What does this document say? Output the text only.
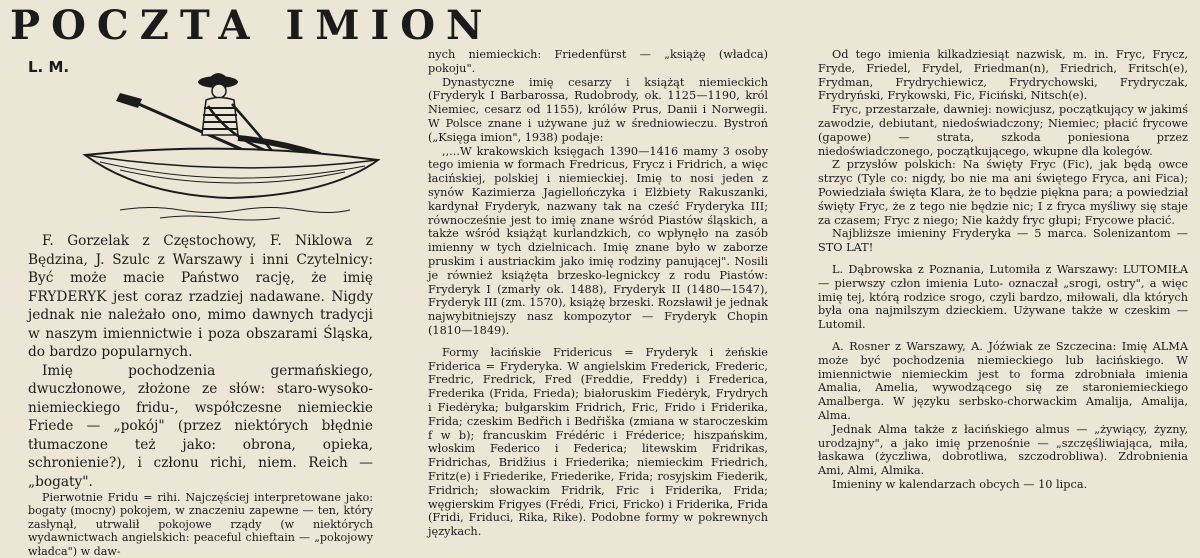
POCZTA IMION
L. M.

F. Gorzelak z Częstochowy, F. Niklowa z Będzina, J. Szulc z Warszawy i inni Czytelnicy: Być może macie Państwo rację, że imię FRYDERYK jest coraz rzadziej nadawane. Nigdy jednak nie należało ono, mimo dawnych tradycji w naszym imiennictwie i poza obszarami Śląska, do bardzo popularnych.

Imię pochodzenia germańskiego, dwuczłonowe, złożone ze słów: staro-wysoko-niemieckiego fridu-, współczesne niemieckie Friede — „pokój" (przez niektórych błędnie tłumaczone też jako: obrona, opieka, schronienie?), i członu richi, niem. Reich — „bogaty".

Pierwotnie Fridu = rihi. Najczęściej interpretowane jako: bogaty (mocny) pokojem, w znaczeniu zapewne — ten, który zasłynął, utrwalił pokojowe rządy (w niektórych wydawnictwach angielskich: peaceful chieftain — „pokojowy władca") w daw-

nych niemieckich: Friedenfürst — „książę (władca) pokoju".

Dynastyczne imię cesarzy i książąt niemieckich (Fryderyk I Barbarossa, Rudobrody, ok. 1125—1190, król Niemiec, cesarz od 1155), królów Prus, Danii i Norwegii. W Polsce znane i używane już w średniowieczu. Bystroń („Księga imion", 1938) podaje:

,,...W krakowskich księgach 1390—1416 mamy 3 osoby tego imienia w formach Fredricus, Frycz i Fridrich, a więc łacińskiej, polskiej i niemieckiej. Imię to nosi jeden z synów Kazimierza Jagiellończyka i Elżbiety Rakuszanki, kardynał Fryderyk, nazwany tak na cześć Fryderyka III; równocześnie jest to imię znane wśród Piastów śląskich, a także wśród książąt kurlandzkich, co wpłynęło na zasób imienny w tych dzielnicach. Imię znane było w zaborze pruskim i austriackim jako imię rodziny panującej". Nosili je również książęta brzesko-legnickcy z rodu Piastów: Fryderyk I (zmarły ok. 1488), Fryderyk II (1480—1547), Fryderyk III (zm. 1570), książę brzeski. Rozsławił je jednak najwybitniejszy nasz kompozytor — Fryderyk Chopin (1810—1849).

Formy łacińskie Fridericus = Fryderyk i żeńskie Friderica = Fryderyka. W angielskim Frederick, Frederic, Fredric, Fredrick, Fred (Freddie, Freddy) i Frederica, Frederika (Frida, Frieda); białoruskim Fiedėryk, Frydrych i Fiedėryka; bułgarskim Fridrich, Fric, Frido i Friderika, Frida; czeskim Bedřich i Bedřiška (zmiana w staroczeskim f w b); francuskim Frédéric i Fréderice; hiszpańskim, włoskim Federico i Federica; litewskim Fridrikas, Fridrichas, Bridžius i Friederika; niemieckim Friedrich, Fritz(e) i Friederike, Friederike, Frida; rosyjskim Fiederik, Fridrich; słowackim Fridrik, Fric i Friderika, Frida; węgierskim Frigyes (Frédi, Frici, Fricko) i Friderika, Frida (Fridi, Friduci, Rika, Rike). Podobne formy w pokrewnych językach.

Od tego imienia kilkadziesiąt nazwisk, m. in. Fryc, Frycz, Fryde, Friedel, Frydel, Friedman(n), Friedrich, Fritsch(e), Frydman, Frydrychiewicz, Frydrychowski, Frydryczak, Frydryński, Frykowski, Fic, Ficiński, Nitsch(e).

Fryc, przestarzałe, dawniej: nowicjusz, początkujący w jakimś zawodzie, debiutant, niedoświadczony; Niemiec; płacić frycowe (gapowe) — strata, szkoda poniesiona przez niedoświadczonego, początkującego, wkupne dla kolegów.

Z przysłów polskich: Na święty Fryc (Fic), jak będą owce strzyc (Tyle co: nigdy, bo nie ma ani świętego Fryca, ani Fica); Powiedziała święta Klara, że to będzie piękna para; a powiedział święty Fryc, że z tego nie będzie nic; I z fryca myśliwy się staje za czasem; Fryc z niego; Nie każdy fryc głupi; Frycowe płacić.

Najbliższe imieniny Fryderyka — 5 marca. Solenizantom — STO LAT!

L. Dąbrowska z Poznania, Lutomiła z Warszawy: LUTOMIŁA — pierwszy człon imienia Luto- oznaczał „srogi, ostry", a więc imię tej, którą rodzice srogo, czyli bardzo, miłowali, dla których była ona najmilszym dzieckiem. Używane także w czeskim — Lutomil.

A. Rosner z Warszawy, A. Jóźwiak ze Szczecina: Imię ALMA może być pochodzenia niemieckiego lub łacińskiego. W imiennictwie niemieckim jest to forma zdrobniała imienia Amalia, Amelia, wywodzącego się ze staroniemieckiego Amalberga. W języku serbsko-chorwackim Amalija, Amalija, Alma.

Jednak Alma także z łacińskiego almus — „żywiący, żyzny, urodzajny", a jako imię przenośnie — „szczęśliwiająca, miła, łaskawa (życzliwa, dobrotliwa, szczodrobliwa). Zdrobnienia Ami, Almi, Almika.

Imieniny w kalendarzach obcych — 10 lipca.
